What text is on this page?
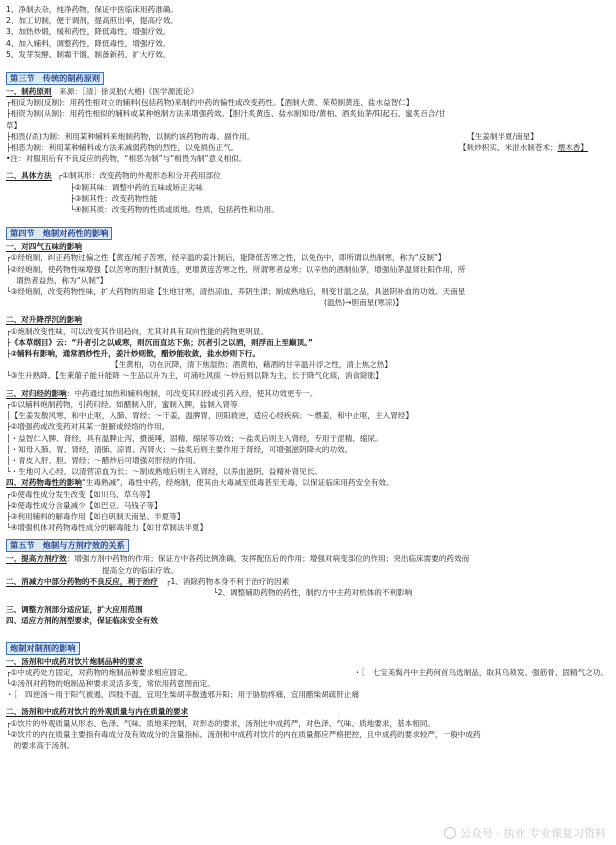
1、净制去杂，纯净药物，保证中医临床用药准确。
2、加工切制，便于调剂，提高煎出率，提高疗效。
3、加热炒煅，缓和药性，降低毒性，增强疗效。
4、加入辅料，调整药性，降低毒性，增强疗效。
5、发芽发酵、制霜干馏，制备新药，扩大疗效。
第三节　传统的制药原则
一、制药原则　来源：［清］徐灵胎(大椿)《医学源流论》
┌相反为制(反制)：用药性相对立的辅料(包括药物)来制约中药的偏性或改变药性。【酒制大黄、茱萸制黄连、盐水益智仁】
├相资为制(从制)：用药性相似的辅料或某种炮制方法来增强药效。【胆汁炙黄连、盐水制知母/黄柏、酒炙仙茅/阳起石、蜜炙百合/甘
草】
├相畏(/杀)为制：利用某种辅料来炮制药物，以制约该药物的毒、副作用。	【生姜制半夏/南星】
├相恶为制：利用某种辅料或方法来减弱药物的烈性，以免损伤正气。	【麸炒枳实、米泔水制苍术；煨木香】
•注：对服用后有不良反应的药物，“相恶为制”与“相畏为制”意义相似。
二、具体方法 ┌①制其形：改变药物的外观形态和分开药用部位
├②制其味：调整中药的五味或矫正劣味
├③制其性：改变药物性能
└④制其质：改变药物的性质或质地。性质，包括药性和功用。
第四节　炮制对药性的影响
一、对四气五味的影响
┌①经炮制，纠正药物过偏之性【黄连/栀子苦寒，经辛温的姜汁制后，能降低苦寒之性，以免伤中，即所谓以热制寒，称为“反制”】
├②经炮制，使药物性味增强【以苦寒的胆汁制黄连，更增黄连苦寒之性，所谓寒者益寒；以辛热的酒制仙茅，增强仙茅温肾壮阳作用，所
谓热者益热，称为“从制”】
└③经炮制，改变药物性味，扩大药物的用途【生地甘寒，清热凉血、养阴生津；制成熟地后，则变甘温之品，具滋阴补血的功效。天南星
(温热)→胆南星(寒凉)】
二、对升降浮沉的影响
┌①炮制改变性味，可以改变其作用趋向，尤其对具有双向性能的药物更明显。
├《本草纲目》云：“升者引之以咸寒，则沉而直达下焦；沉者引之以酒，则浮而上至巅顶。”
├②辅料有影响，通常酒炒性升，姜汁炒则散，醋炒能收敛，盐水炒则下行。
【生黄柏，功在沉降，清下焦湿热；酒黄柏，藉酒的甘辛温升浮之性，清上焦之热】
└③生升熟降。【生莱菔子能升能降 ～生品以升为主，可涌吐风痰 ～炒后则以降为主，长于降气化痰，消食除胀】
三、对归经的影响：中药通过加热和辅料炮制，可改变其归经或引药入经，使其功效更专一。
┌①以辅料炮制药物，引药归经。如醋制入肝，蜜制入脾，盐制入肾等
│【生姜发散风寒，和中止呕，入肺、胃经；～干姜，温脾胃，回阳救逆，适应心经疾病；～煨姜，和中止呕，主入胃经】
├②增强药或改变药对其某一脏腑或经络的作用。
│・益智仁入脾、肾经，具有温脾止泻，摄涎唾，固精、缩尿等功效；～盐炙后则主入肾经，专用于涩精、缩尿。
│・知母入肺、胃、肾经，清肺、凉胃、泻肾火；～盐炙后则主要作用于肾经，可增强滋阴降火的功效。
│・青皮入肝、胆、胃经；～醋炒后可增强对肝经的作用。
└・生地可入心经，以清营凉血为长；～制成熟地后则主入肾经，以养血滋阴、益精补肾见长。
四、对药物毒性的影响“生毒熟减”，毒性中药，经炮制，使其由大毒减至低毒甚至无毒，以保证临床用药安全有效。
┌①使毒性成分发生改变【如川乌、草乌等】
├②使毒性成分含量减少【如巴豆、马钱子等】
├③利用辅料的解毒作用【如白矾制天南星、半夏等】
└④增强机体对药物毒性成分的解毒能力【如甘草制法半夏】
第五节　炮制与方剂疗效的关系
一、提高方剂疗效：增强方剂中药物的作用；保证方中各药比例准确，发挥配伍后的作用；增强对病变部位的作用；突出临床需要的药效而
提高全方的临床疗效。
二、消减方中部分药物的不良反应，利于治疗 ┌1、消除药物本身不利于治疗的因素
└2、调整辅助药物的药性，制约方中主药对机体的不利影响
三、调整方剂部分适应证，扩大应用范围
四、适应方剂的剂型要求，保证临床安全有效
炮制对制剂的影响
一、汤剂和中成药对饮片炮制品种的要求
┌①中成药处方固定，对药物的炮制品种要求相应固定。	・［　七宝美髯丹中主药何首乌选制品，取其乌须发、强筋骨、固精气之功。
└②汤剂对药物的炮制品种要求灵活多变，常依用药意图而定。
・［　四逆汤～用于阳气被遏，四肢不温，宜用生柴胡辛散透邪升阳；用于胁肋疼痛，宜用醋柴胡疏肝止痛
二、汤剂和中成药对饮片的外观质量与内在质量的要求
┌①饮片的外观质量从形态、色泽、气味、质地来控制，对形态的要求，汤剂比中成药严，对色泽、气味、质地要求，基本相同。
└②饮片的内在质量主要指有毒成分及有效成分的含量指标。汤剂和中成药对饮片的内在质量都应严格把控，且中成药的要求较严，一般中成药
　的要求高于汤剂。
公众号 · 执业 专业课复习资料
